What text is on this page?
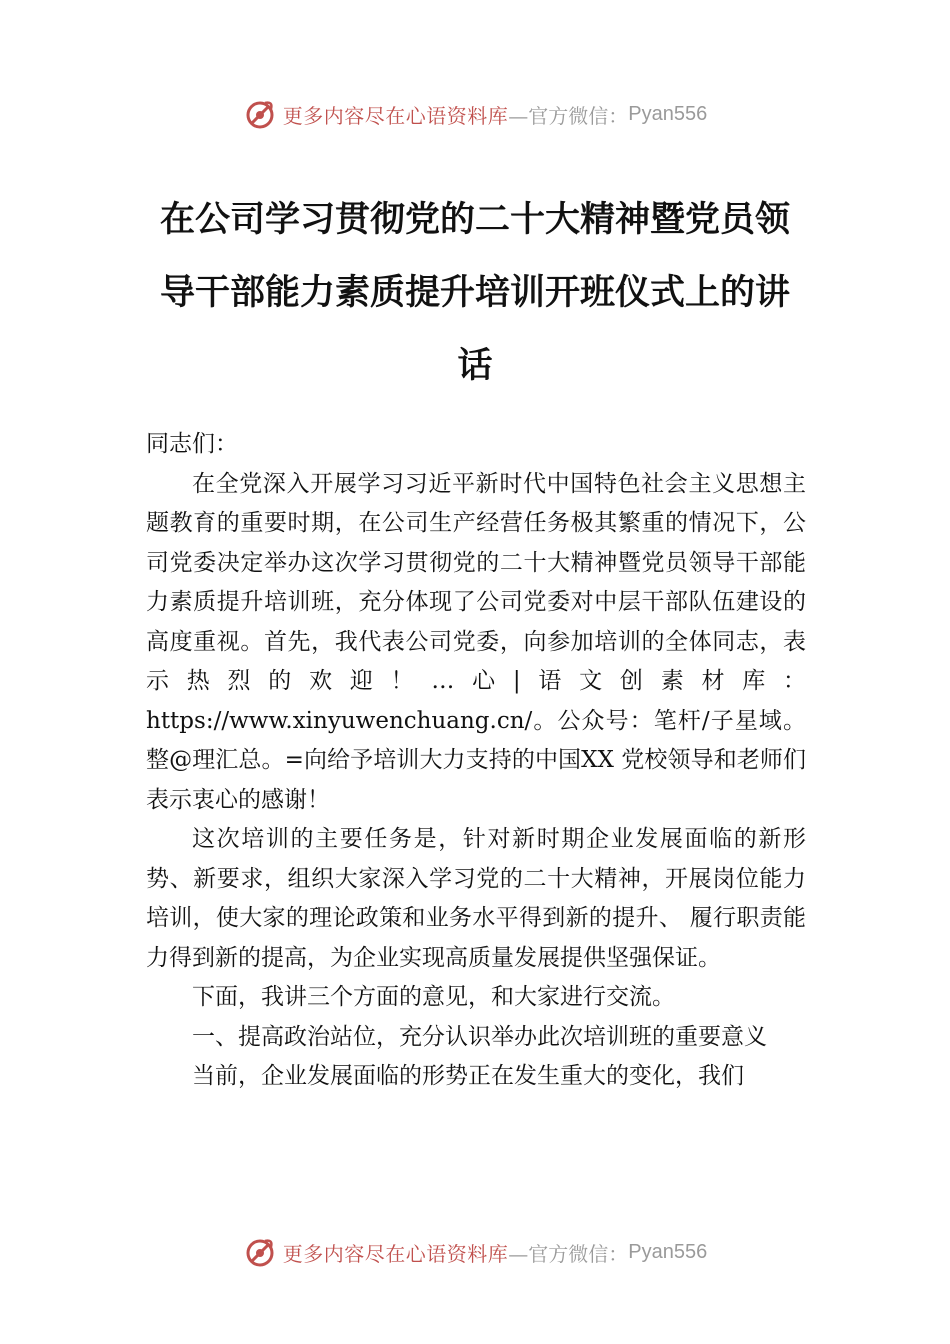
更多内容尽在心语资料库 —官方微信： Pyan556
在公司学习贯彻党的二十大精神暨党员领导干部能力素质提升培训开班仪式上的讲话

同志们：

在全党深入开展学习习近平新时代中国特色社会主义思想主题教育的重要时期，在公司生产经营任务极其繁重的情况下，公司党委决定举办这次学习贯彻党的二十大精神暨党员领导干部能力素质提升培训班，充分体现了公司党委对中层干部队伍建设的高度重视。首先，我代表公司党委，向参加培训的全体同志，表示热烈的欢迎！…心|语文创素材库：https://www.xinyuwenchuang.cn/。公众号：笔杆/子星域。整@理汇总。=向给予培训大力支持的中国XX 党校领导和老师们表示衷心的感谢！

这次培训的主要任务是，针对新时期企业发展面临的新形势、新要求，组织大家深入学习党的二十大精神，开展岗位能力培训，使大家的理论政策和业务水平得到新的提升、 履行职责能力得到新的提高，为企业实现高质量发展提供坚强保证。

下面，我讲三个方面的意见，和大家进行交流。

一、提高政治站位，充分认识举办此次培训班的重要意义

当前，企业发展面临的形势正在发生重大的变化，我们

更多内容尽在心语资料库 —官方微信： Pyan556
